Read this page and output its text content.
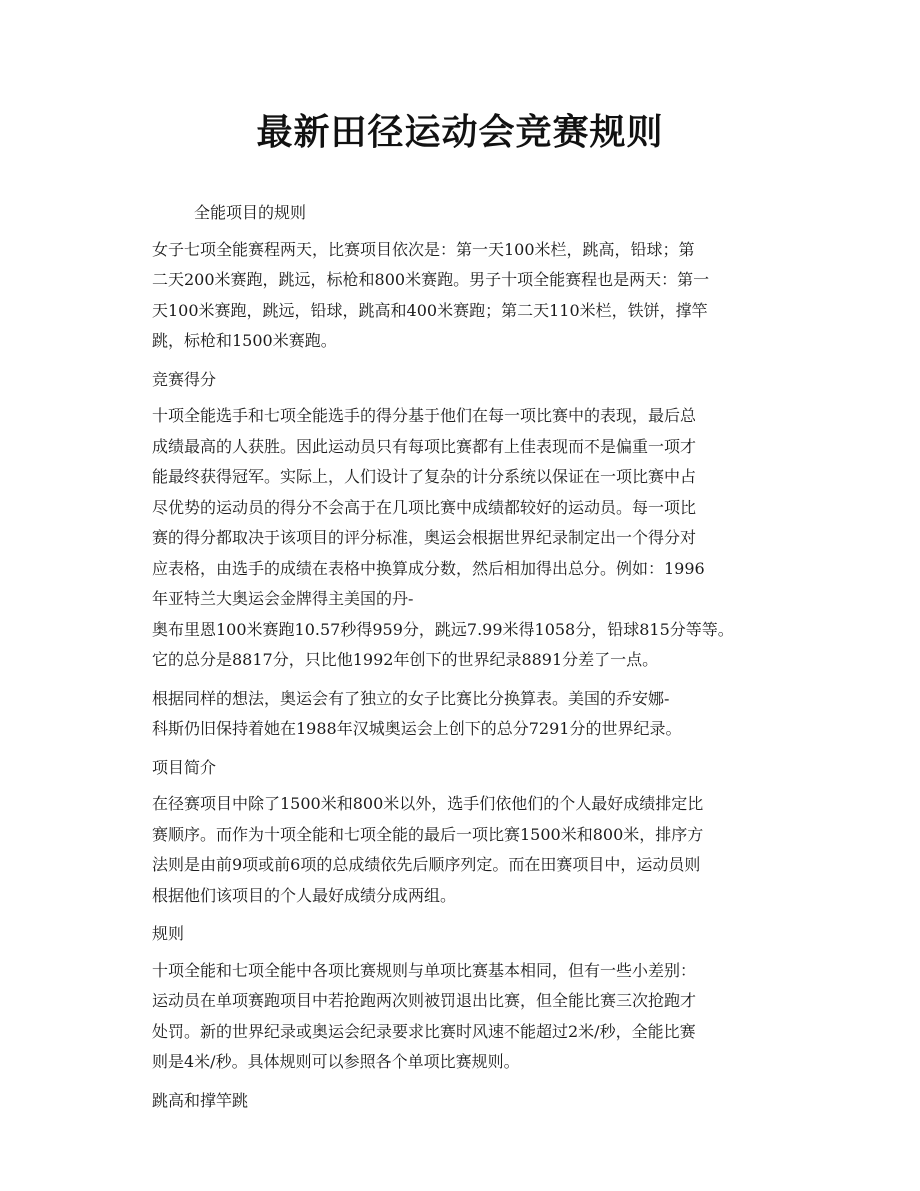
最新田径运动会竞赛规则

全能项目的规则

女子七项全能赛程两天，比赛项目依次是：第一天100米栏，跳高，铅球；第
二天200米赛跑，跳远，标枪和800米赛跑。男子十项全能赛程也是两天：第一
天100米赛跑，跳远，铅球，跳高和400米赛跑；第二天110米栏，铁饼，撑竿
跳，标枪和1500米赛跑。

竞赛得分

十项全能选手和七项全能选手的得分基于他们在每一项比赛中的表现，最后总
成绩最高的人获胜。因此运动员只有每项比赛都有上佳表现而不是偏重一项才
能最终获得冠军。实际上，人们设计了复杂的计分系统以保证在一项比赛中占
尽优势的运动员的得分不会高于在几项比赛中成绩都较好的运动员。每一项比
赛的得分都取决于该项目的评分标准，奥运会根据世界纪录制定出一个得分对
应表格，由选手的成绩在表格中换算成分数，然后相加得出总分。例如：1996
年亚特兰大奥运会金牌得主美国的丹-
奥布里恩100米赛跑10.57秒得959分，跳远7.99米得1058分，铅球815分等等。
它的总分是8817分，只比他1992年创下的世界纪录8891分差了一点。

根据同样的想法，奥运会有了独立的女子比赛比分换算表。美国的乔安娜-
科斯仍旧保持着她在1988年汉城奥运会上创下的总分7291分的世界纪录。

项目简介

在径赛项目中除了1500米和800米以外，选手们依他们的个人最好成绩排定比
赛顺序。而作为十项全能和七项全能的最后一项比赛1500米和800米，排序方
法则是由前9项或前6项的总成绩依先后顺序列定。而在田赛项目中，运动员则
根据他们该项目的个人最好成绩分成两组。

规则

十项全能和七项全能中各项比赛规则与单项比赛基本相同，但有一些小差别：
运动员在单项赛跑项目中若抢跑两次则被罚退出比赛，但全能比赛三次抢跑才
处罚。新的世界纪录或奥运会纪录要求比赛时风速不能超过2米/秒，全能比赛
则是4米/秒。具体规则可以参照各个单项比赛规则。

跳高和撑竿跳
